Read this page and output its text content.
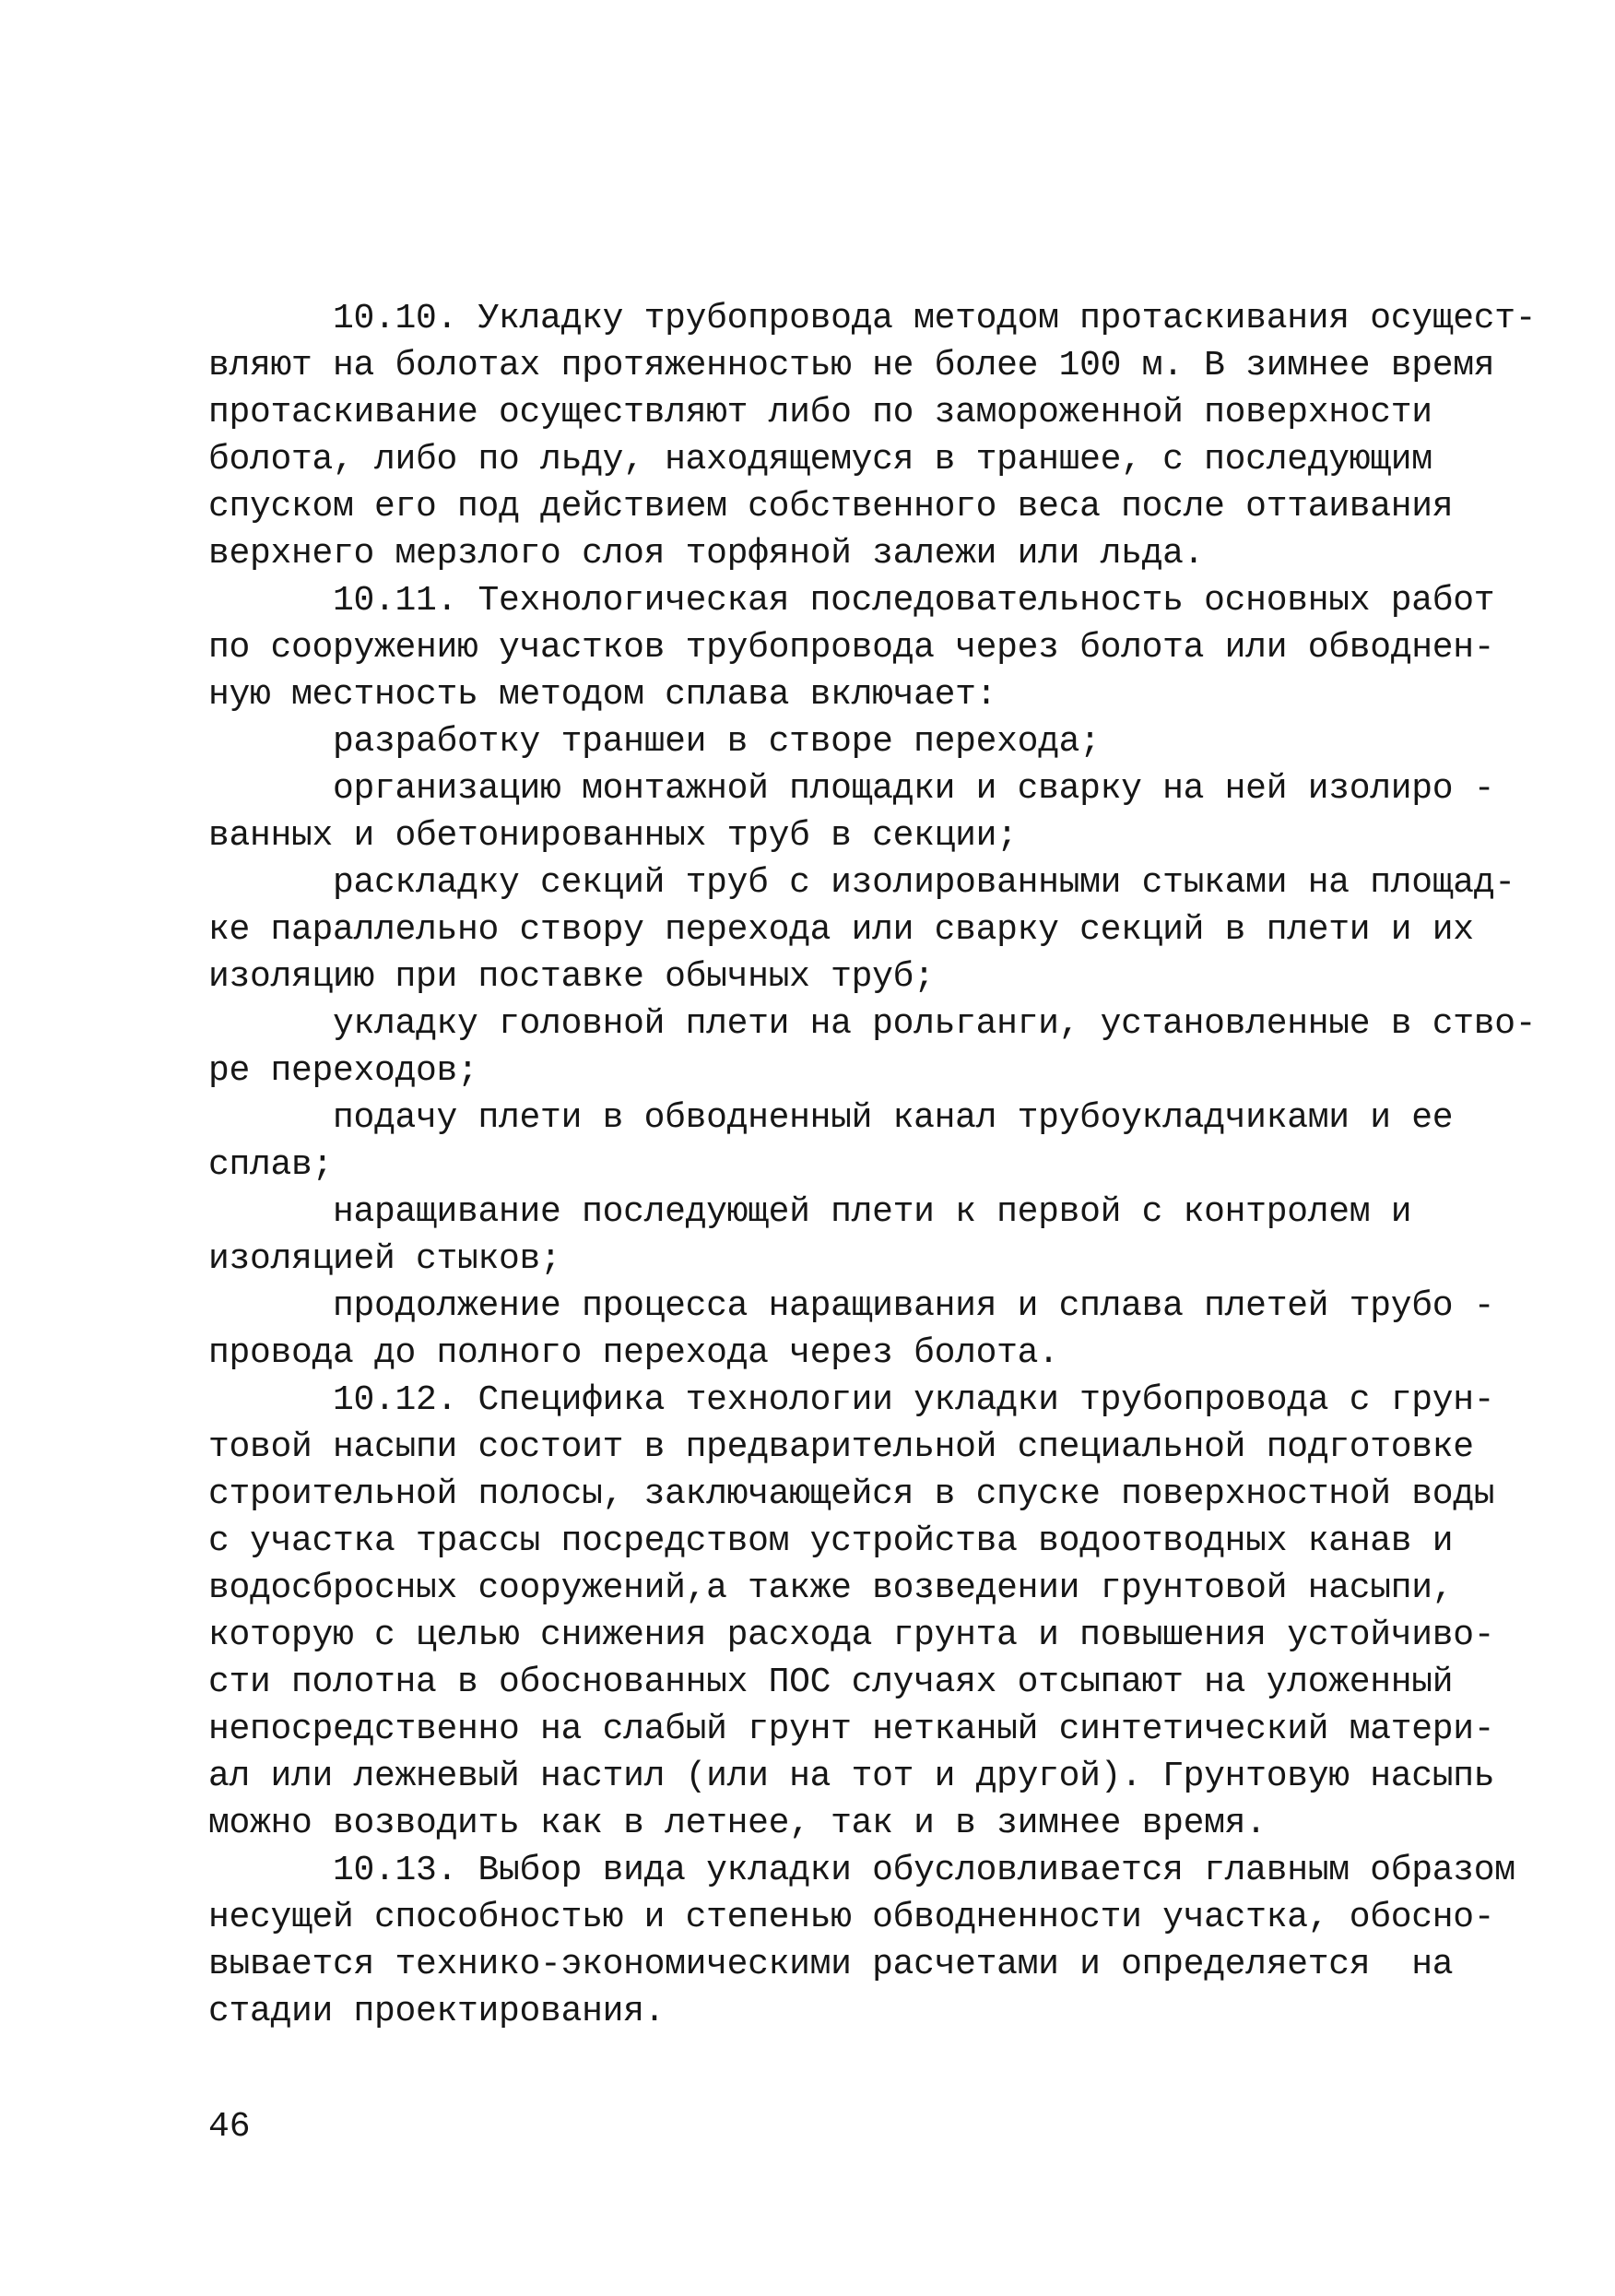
10.10. Укладку трубопровода методом протаскивания осущест-
вляют на болотах протяженностью не более 100 м. В зимнее время
протаскивание осуществляют либо по замороженной поверхности
болота, либо по льду, находящемуся в траншее, с последующим
спуском его под действием собственного веса после оттаивания
верхнего мерзлого слоя торфяной залежи или льда.
10.11. Технологическая последовательность основных работ
по сооружению участков трубопровода через болота или обводнен-
ную местность методом сплава включает:
разработку траншеи в створе перехода;
организацию монтажной площадки и сварку на ней изолиро -
ванных и обетонированных труб в секции;
раскладку секций труб с изолированными стыками на площад-
ке параллельно створу перехода или сварку секций в плети и их
изоляцию при поставке обычных труб;
укладку головной плети на рольганги, установленные в ство-
ре переходов;
подачу плети в обводненный канал трубоукладчиками и ее
сплав;
наращивание последующей плети к первой с контролем и
изоляцией стыков;
продолжение процесса наращивания и сплава плетей трубо -
провода до полного перехода через болота.
10.12. Специфика технологии укладки трубопровода с грун-
товой насыпи состоит в предварительной специальной подготовке
строительной полосы, заключающейся в спуске поверхностной воды
с участка трассы посредством устройства водоотводных канав и
водосбросных сооружений,а также возведении грунтовой насыпи,
которую с целью снижения расхода грунта и повышения устойчиво-
сти полотна в обоснованных ПОС случаях отсыпают на уложенный
непосредственно на слабый грунт нетканый синтетический матери-
ал или лежневый настил (или на тот и другой). Грунтовую насыпь
можно возводить как в летнее, так и в зимнее время.
10.13. Выбор вида укладки обусловливается главным образом
несущей способностью и степенью обводненности участка, обосно-
вывается технико-экономическими расчетами и определяется  на
стадии проектирования.
46
